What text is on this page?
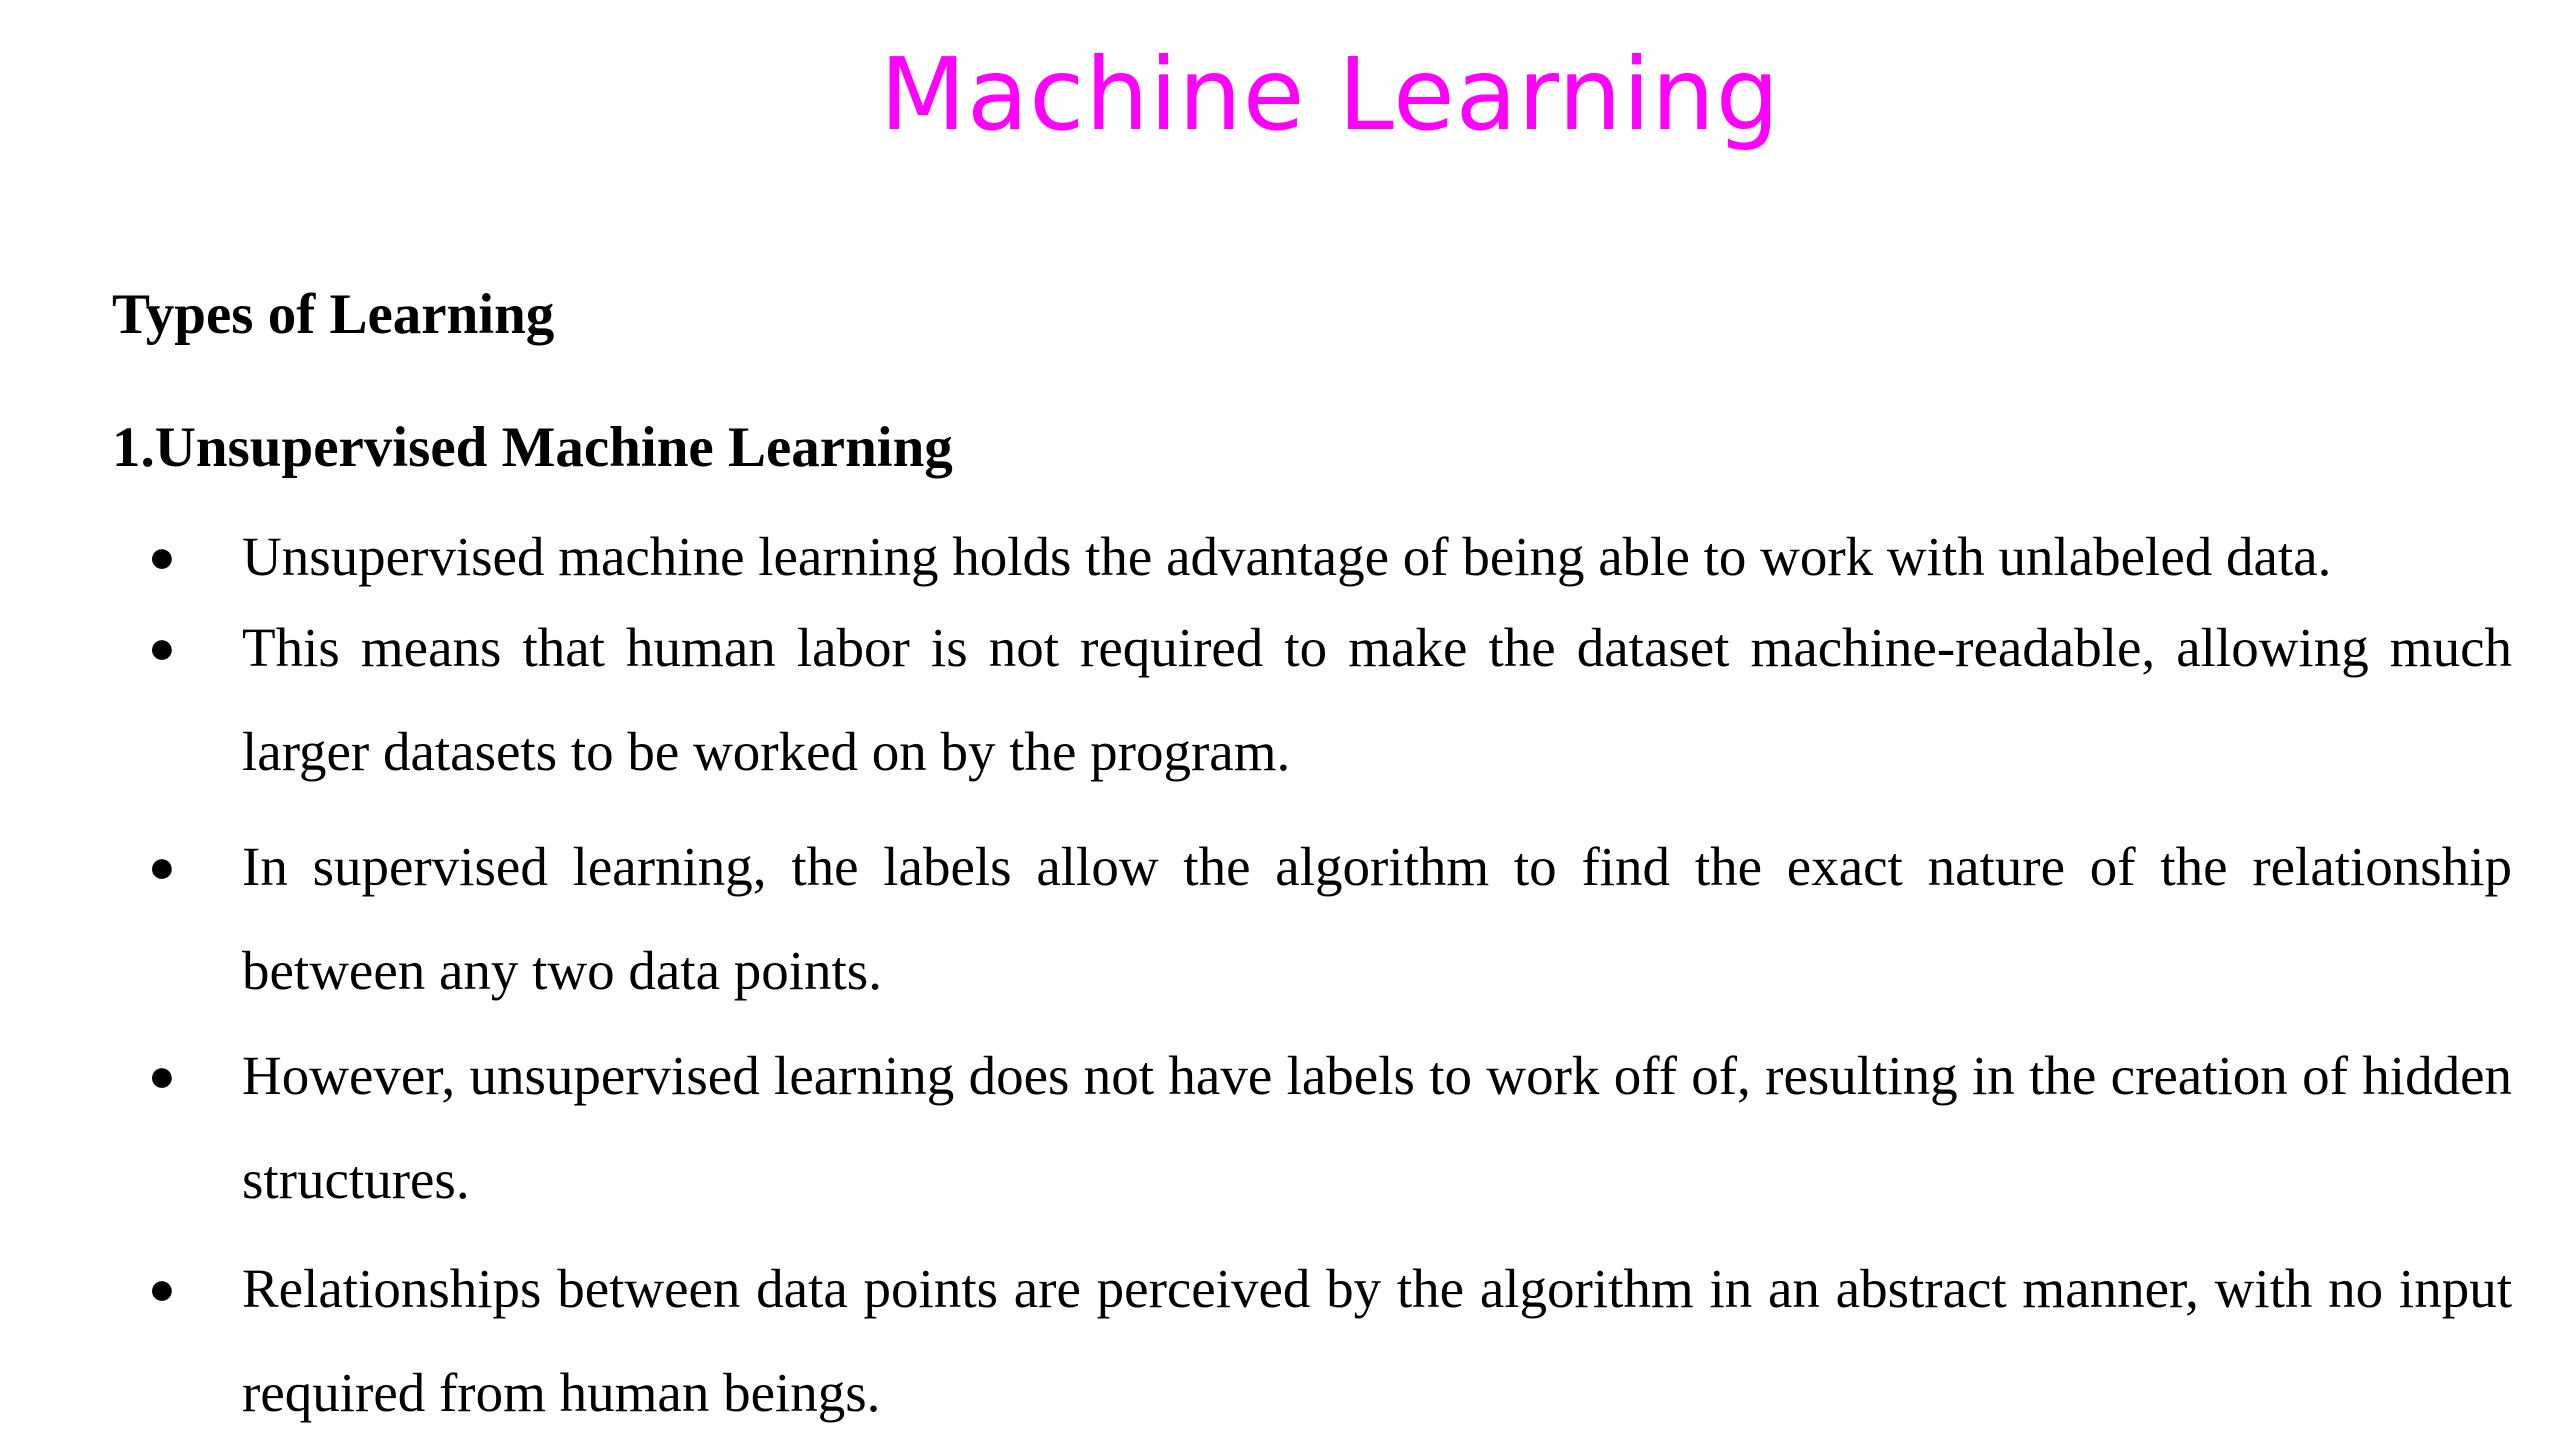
Machine Learning
Types of Learning
1.Unsupervised Machine Learning
● Unsupervised machine learning holds the advantage of being able to work with unlabeled data.

● This means that human labor is not required to make the dataset machine-readable, allowing much larger datasets to be worked on by the program.

● In supervised learning, the labels allow the algorithm to find the exact nature of the relationship between any two data points.

● However, unsupervised learning does not have labels to work off of, resulting in the creation of hidden structures.

● Relationships between data points are perceived by the algorithm in an abstract manner, with no input required from human beings.
